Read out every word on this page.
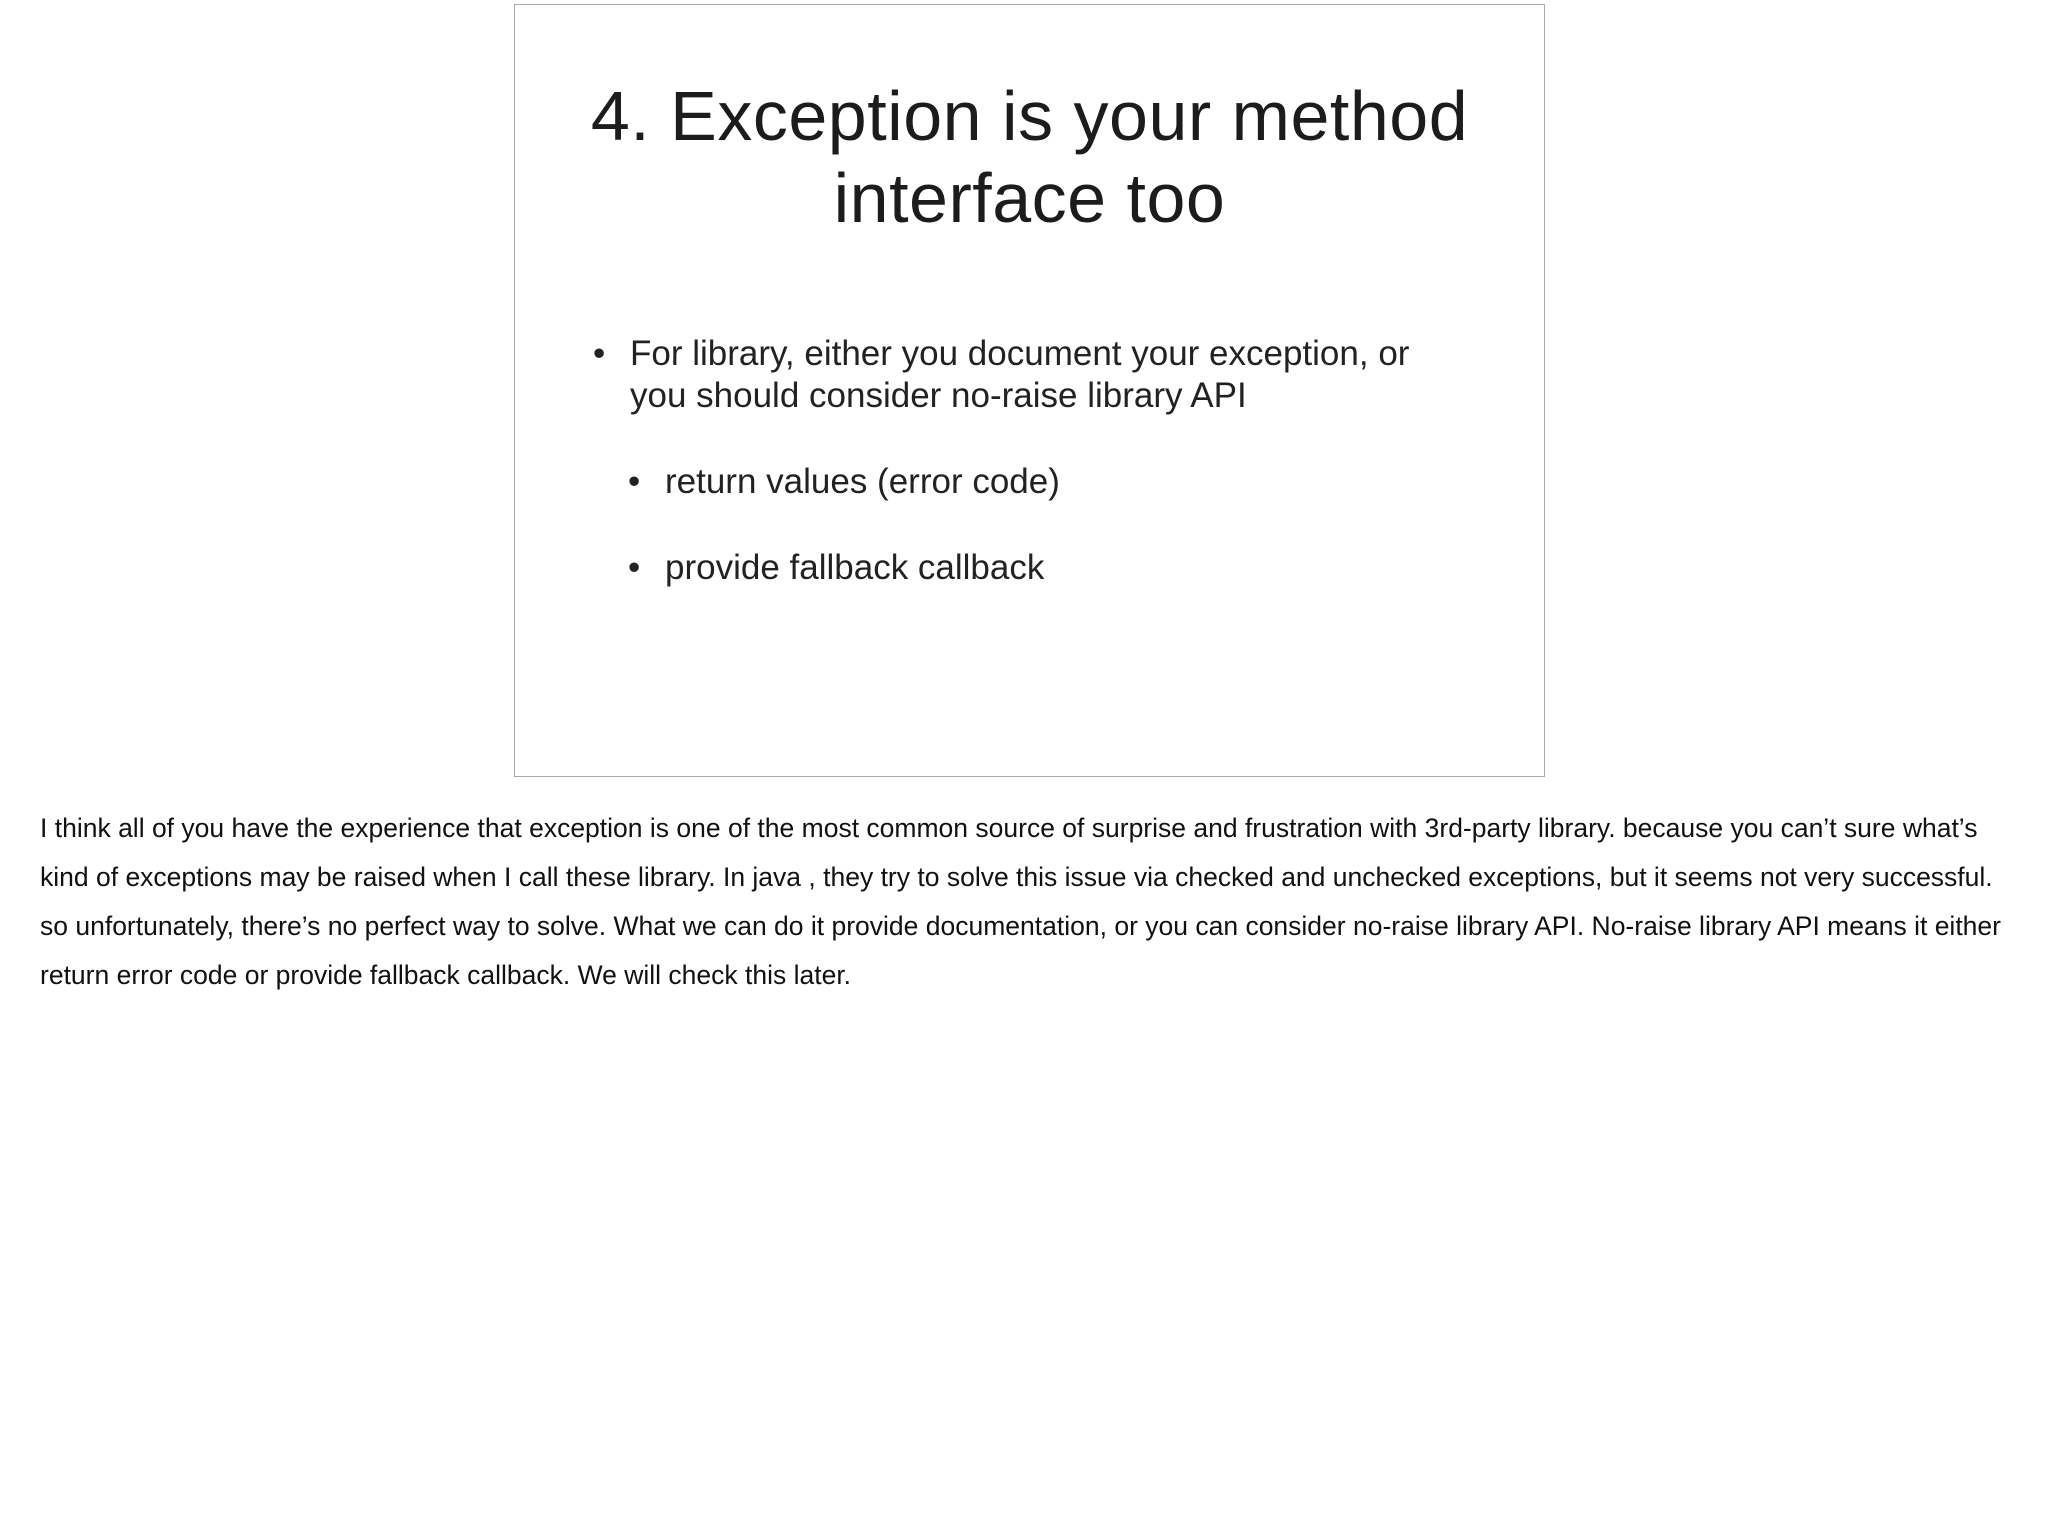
4. Exception is your method
interface too
• For library, either you document your exception, or you should consider no-raise library API
• return values (error code)
• provide fallback callback

I think all of you have the experience that exception is one of the most common source of surprise and frustration with 3rd-party library. because you can’t sure what’s kind of exceptions may be raised when I call these library. In java , they try to solve this issue via checked and unchecked exceptions, but it seems not very successful. so unfortunately, there’s no perfect way to solve. What we can do it provide documentation, or you can consider no-raise library API. No-raise library API means it either return error code or provide fallback callback. We will check this later.
